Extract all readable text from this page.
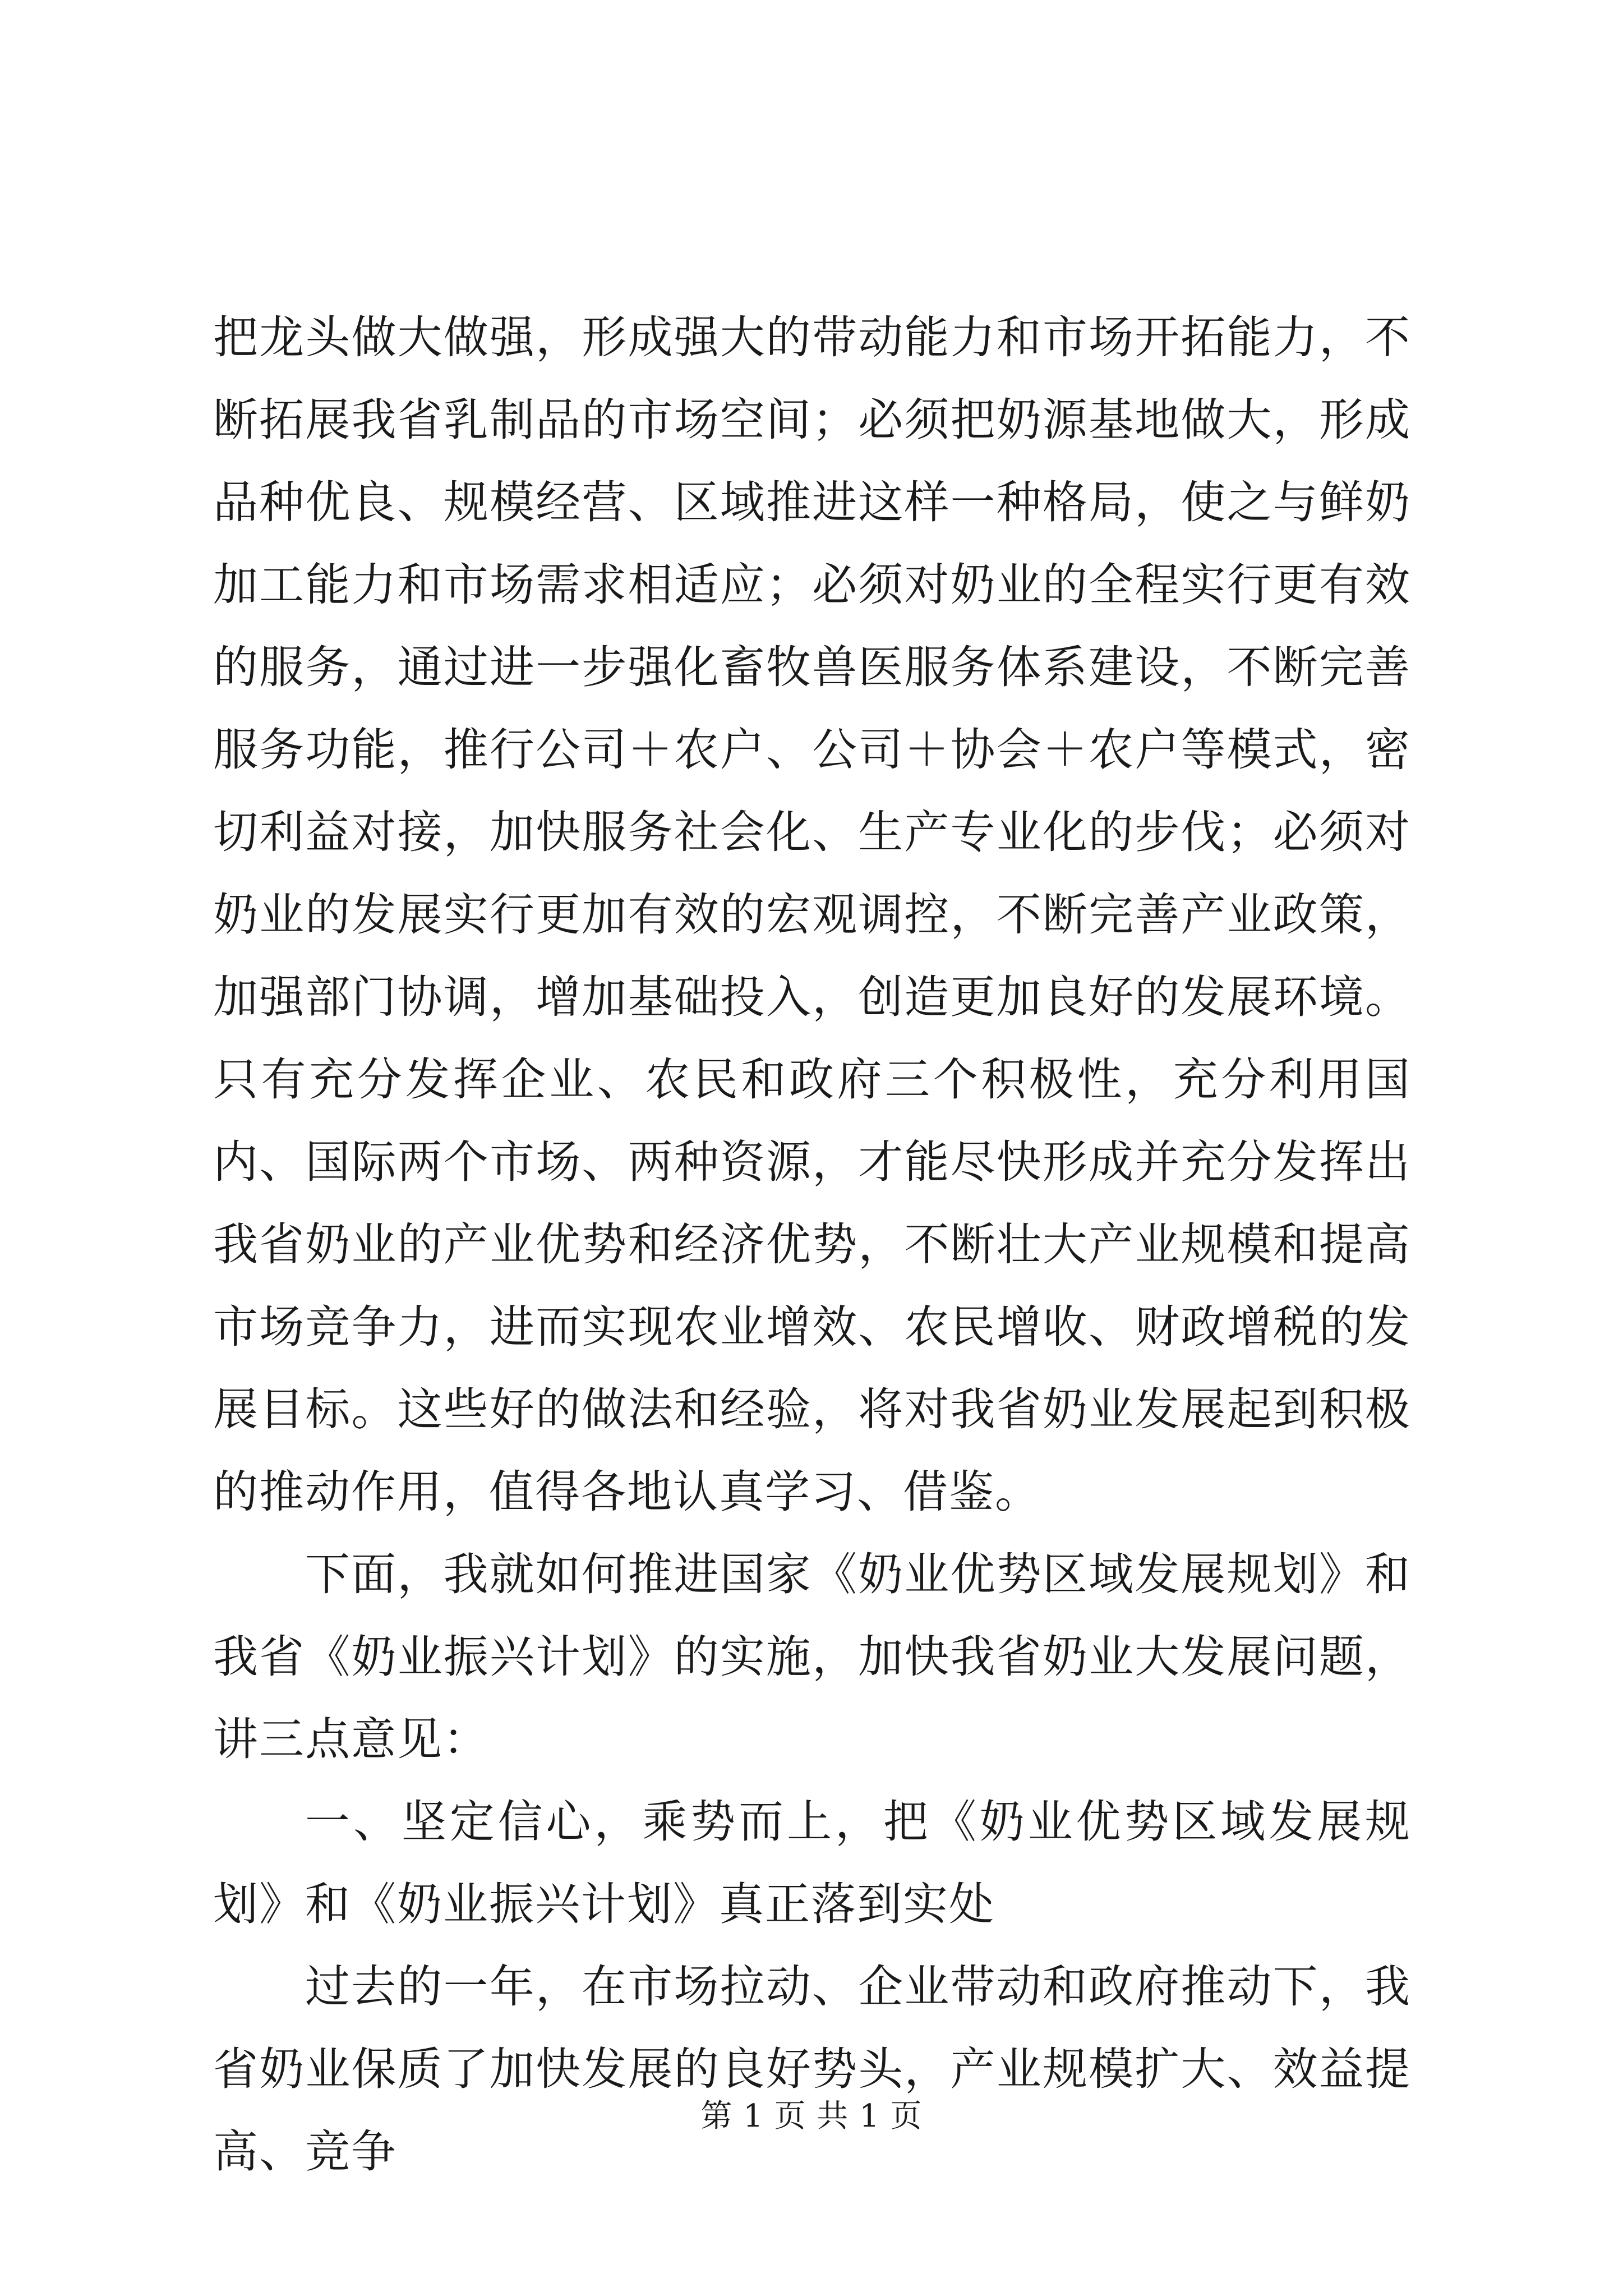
把龙头做大做强，形成强大的带动能力和市场开拓能力，不断拓展我省乳制品的市场空间；必须把奶源基地做大，形成品种优良、规模经营、区域推进这样一种格局，使之与鲜奶加工能力和市场需求相适应；必须对奶业的全程实行更有效的服务，通过进一步强化畜牧兽医服务体系建设，不断完善服务功能，推行公司＋农户、公司＋协会＋农户等模式，密切利益对接，加快服务社会化、生产专业化的步伐；必须对奶业的发展实行更加有效的宏观调控，不断完善产业政策，加强部门协调，增加基础投入，创造更加良好的发展环境。只有充分发挥企业、农民和政府三个积极性，充分利用国内、国际两个市场、两种资源，才能尽快形成并充分发挥出我省奶业的产业优势和经济优势，不断壮大产业规模和提高市场竞争力，进而实现农业增效、农民增收、财政增税的发展目标。这些好的做法和经验，将对我省奶业发展起到积极的推动作用，值得各地认真学习、借鉴。

下面，我就如何推进国家《奶业优势区域发展规划》和我省《奶业振兴计划》的实施，加快我省奶业大发展问题，讲三点意见：

一、坚定信心，乘势而上，把《奶业优势区域发展规划》和《奶业振兴计划》真正落到实处

过去的一年，在市场拉动、企业带动和政府推动下，我省奶业保质了加快发展的良好势头，产业规模扩大、效益提高、竞争

第 1 页 共 1 页
